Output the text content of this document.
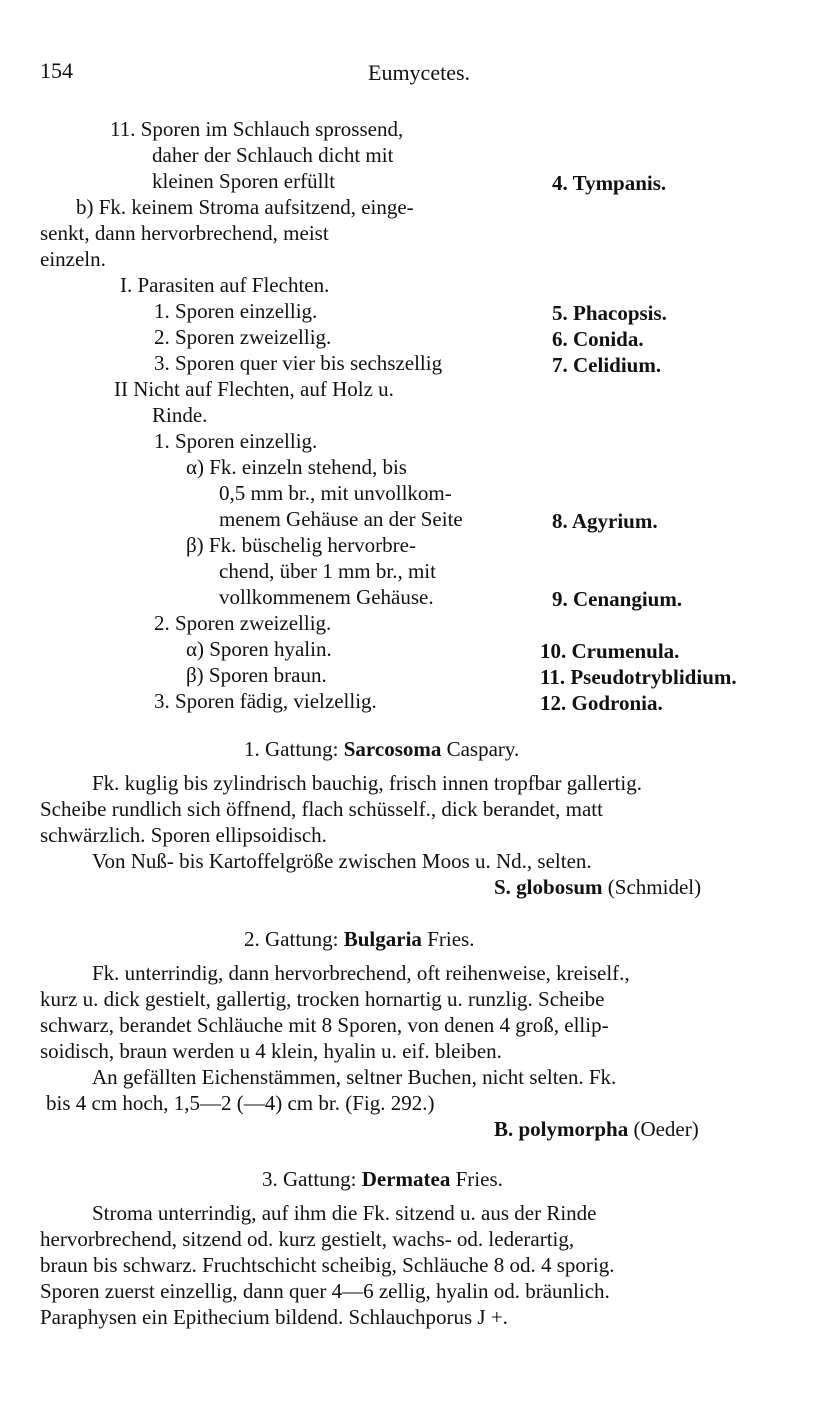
154	Eumycetes.
11. Sporen im Schlauch sprossend,
daher der Schlauch dicht mit
kleinen Sporen erfüllt	4. Tympanis.
b) Fk. keinem Stroma aufsitzend, einge-
senkt, dann hervorbrechend, meist
einzeln.
I. Parasiten auf Flechten.
1. Sporen einzellig.	5. Phacopsis.
2. Sporen zweizellig.	6. Conida.
3. Sporen quer vier bis sechszellig	7. Celidium.
II Nicht auf Flechten, auf Holz u.
Rinde.
1. Sporen einzellig.
α) Fk. einzeln stehend, bis
0,5 mm br., mit unvollkom-
menem Gehäuse an der Seite	8. Agyrium.
β) Fk. büschelig hervorbre-
chend, über 1 mm br., mit
vollkommenem Gehäuse.	9. Cenangium.
2. Sporen zweizellig.
α) Sporen hyalin.	10. Crumenula.
β) Sporen braun.	11. Pseudotryblidium.
3. Sporen fädig, vielzellig.	12. Godronia.
1. Gattung: Sarcosoma Caspary.
Fk. kuglig bis zylindrisch bauchig, frisch innen tropfbar gallertig.
Scheibe rundlich sich öffnend, flach schüsself., dick berandet, matt
schwärzlich. Sporen ellipsoidisch.
Von Nuß- bis Kartoffelgröße zwischen Moos u. Nd., selten.
S. globosum (Schmidel)
2. Gattung: Bulgaria Fries.
Fk. unterrindig, dann hervorbrechend, oft reihenweise, kreiself.,
kurz u. dick gestielt, gallertig, trocken hornartig u. runzlig. Scheibe
schwarz, berandet Schläuche mit 8 Sporen, von denen 4 groß, ellip-
soidisch, braun werden u 4 klein, hyalin u. eif. bleiben.
An gefällten Eichenstämmen, seltner Buchen, nicht selten. Fk.
bis 4 cm hoch, 1,5—2 (—4) cm br. (Fig. 292.)
B. polymorpha (Oeder)
3. Gattung: Dermatea Fries.
Stroma unterrindig, auf ihm die Fk. sitzend u. aus der Rinde
hervorbrechend, sitzend od. kurz gestielt, wachs- od. lederartig,
braun bis schwarz. Fruchtschicht scheibig, Schläuche 8 od. 4 sporig.
Sporen zuerst einzellig, dann quer 4—6 zellig, hyalin od. bräunlich.
Paraphysen ein Epithecium bildend. Schlauchporus J +.
